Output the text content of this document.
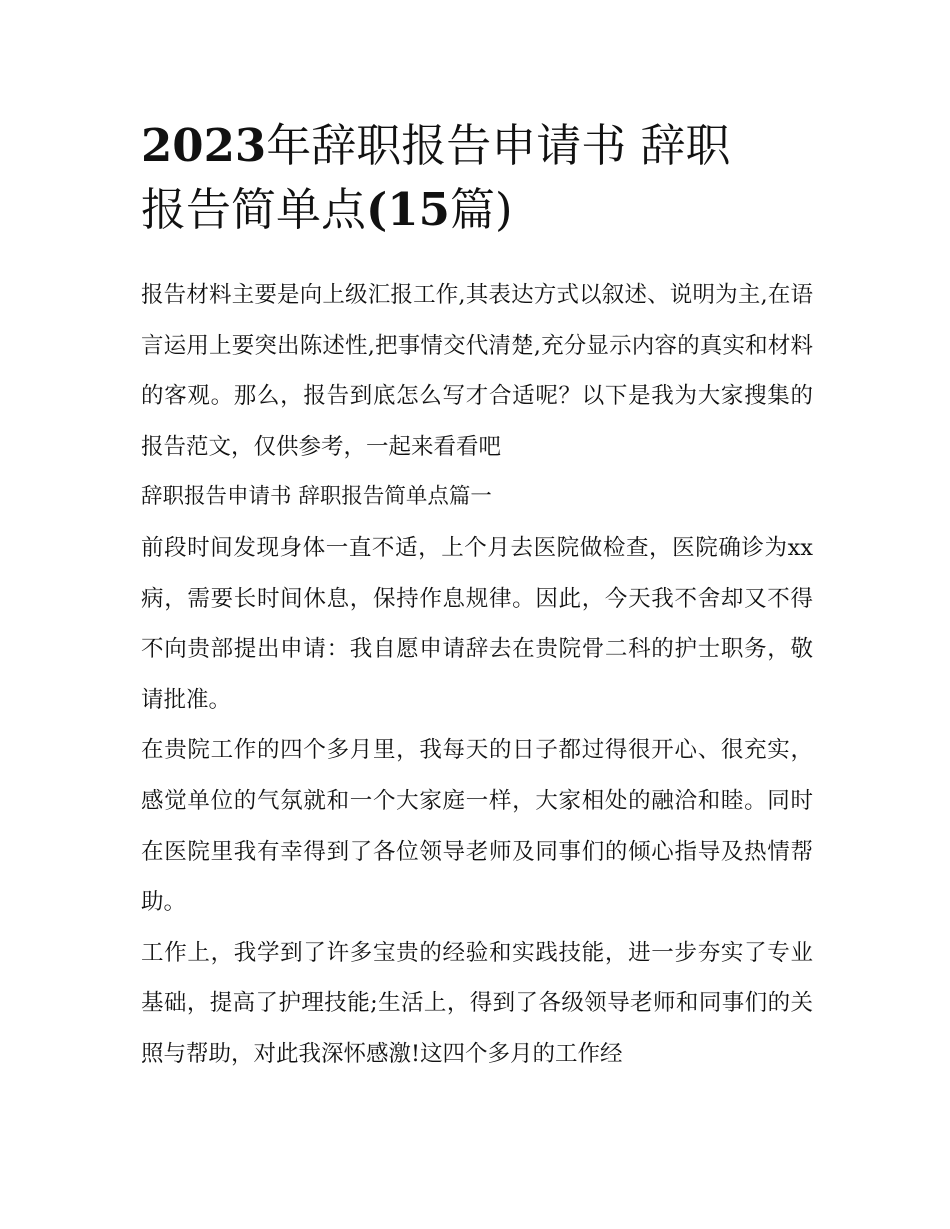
2023年辞职报告申请书 辞职
报告简单点(15篇)

报告材料主要是向上级汇报工作,其表达方式以叙述、说明为主,在语言运用上要突出陈述性,把事情交代清楚,充分显示内容的真实和材料的客观。那么，报告到底怎么写才合适呢？以下是我为大家搜集的报告范文，仅供参考，一起来看看吧

辞职报告申请书 辞职报告简单点篇一

前段时间发现身体一直不适，上个月去医院做检查，医院确诊为xx病，需要长时间休息，保持作息规律。因此，今天我不舍却又不得不向贵部提出申请：我自愿申请辞去在贵院骨二科的护士职务，敬请批准。

在贵院工作的四个多月里，我每天的日子都过得很开心、很充实，感觉单位的气氛就和一个大家庭一样，大家相处的融洽和睦。同时在医院里我有幸得到了各位领导老师及同事们的倾心指导及热情帮助。

工作上，我学到了许多宝贵的经验和实践技能，进一步夯实了专业基础，提高了护理技能;生活上，得到了各级领导老师和同事们的关照与帮助，对此我深怀感激!这四个多月的工作经
